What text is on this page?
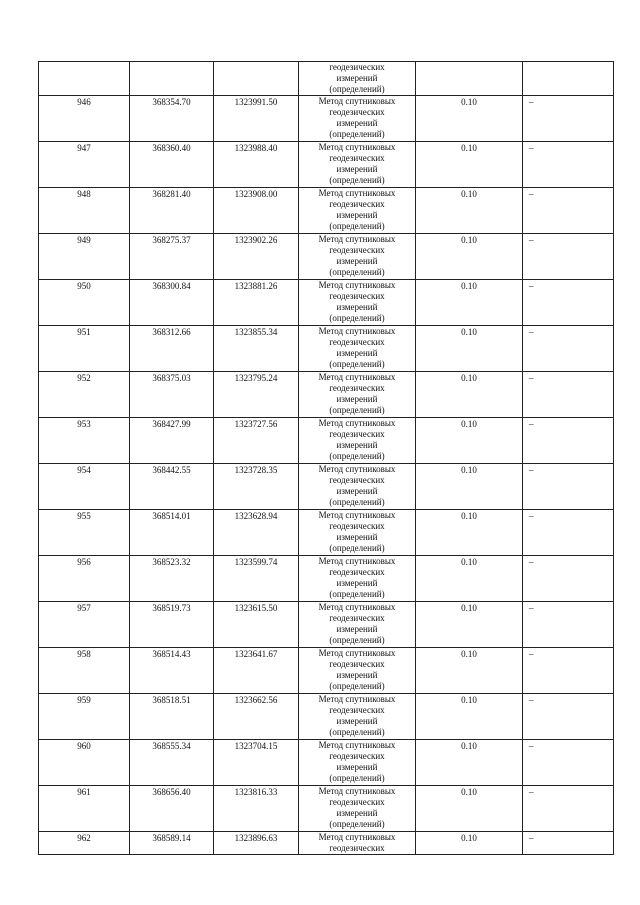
			геодезических
измерений
(определений)		

946	368354.70	1323991.50	Метод спутниковых
геодезических
измерений
(определений)	0.10	–
947	368360.40	1323988.40	Метод спутниковых
геодезических
измерений
(определений)	0.10	–
948	368281.40	1323908.00	Метод спутниковых
геодезических
измерений
(определений)	0.10	–
949	368275.37	1323902.26	Метод спутниковых
геодезических
измерений
(определений)	0.10	–
950	368300.84	1323881.26	Метод спутниковых
геодезических
измерений
(определений)	0.10	–
951	368312.66	1323855.34	Метод спутниковых
геодезических
измерений
(определений)	0.10	–
952	368375.03	1323795.24	Метод спутниковых
геодезических
измерений
(определений)	0.10	–
953	368427.99	1323727.56	Метод спутниковых
геодезических
измерений
(определений)	0.10	–
954	368442.55	1323728.35	Метод спутниковых
геодезических
измерений
(определений)	0.10	–
955	368514.01	1323628.94	Метод спутниковых
геодезических
измерений
(определений)	0.10	–
956	368523.32	1323599.74	Метод спутниковых
геодезических
измерений
(определений)	0.10	–
957	368519.73	1323615.50	Метод спутниковых
геодезических
измерений
(определений)	0.10	–
958	368514.43	1323641.67	Метод спутниковых
геодезических
измерений
(определений)	0.10	–
959	368518.51	1323662.56	Метод спутниковых
геодезических
измерений
(определений)	0.10	–
960	368555.34	1323704.15	Метод спутниковых
геодезических
измерений
(определений)	0.10	–
961	368656.40	1323816.33	Метод спутниковых
геодезических
измерений
(определений)	0.10	–
962	368589.14	1323896.63	Метод спутниковых
геодезических	0.10	–
